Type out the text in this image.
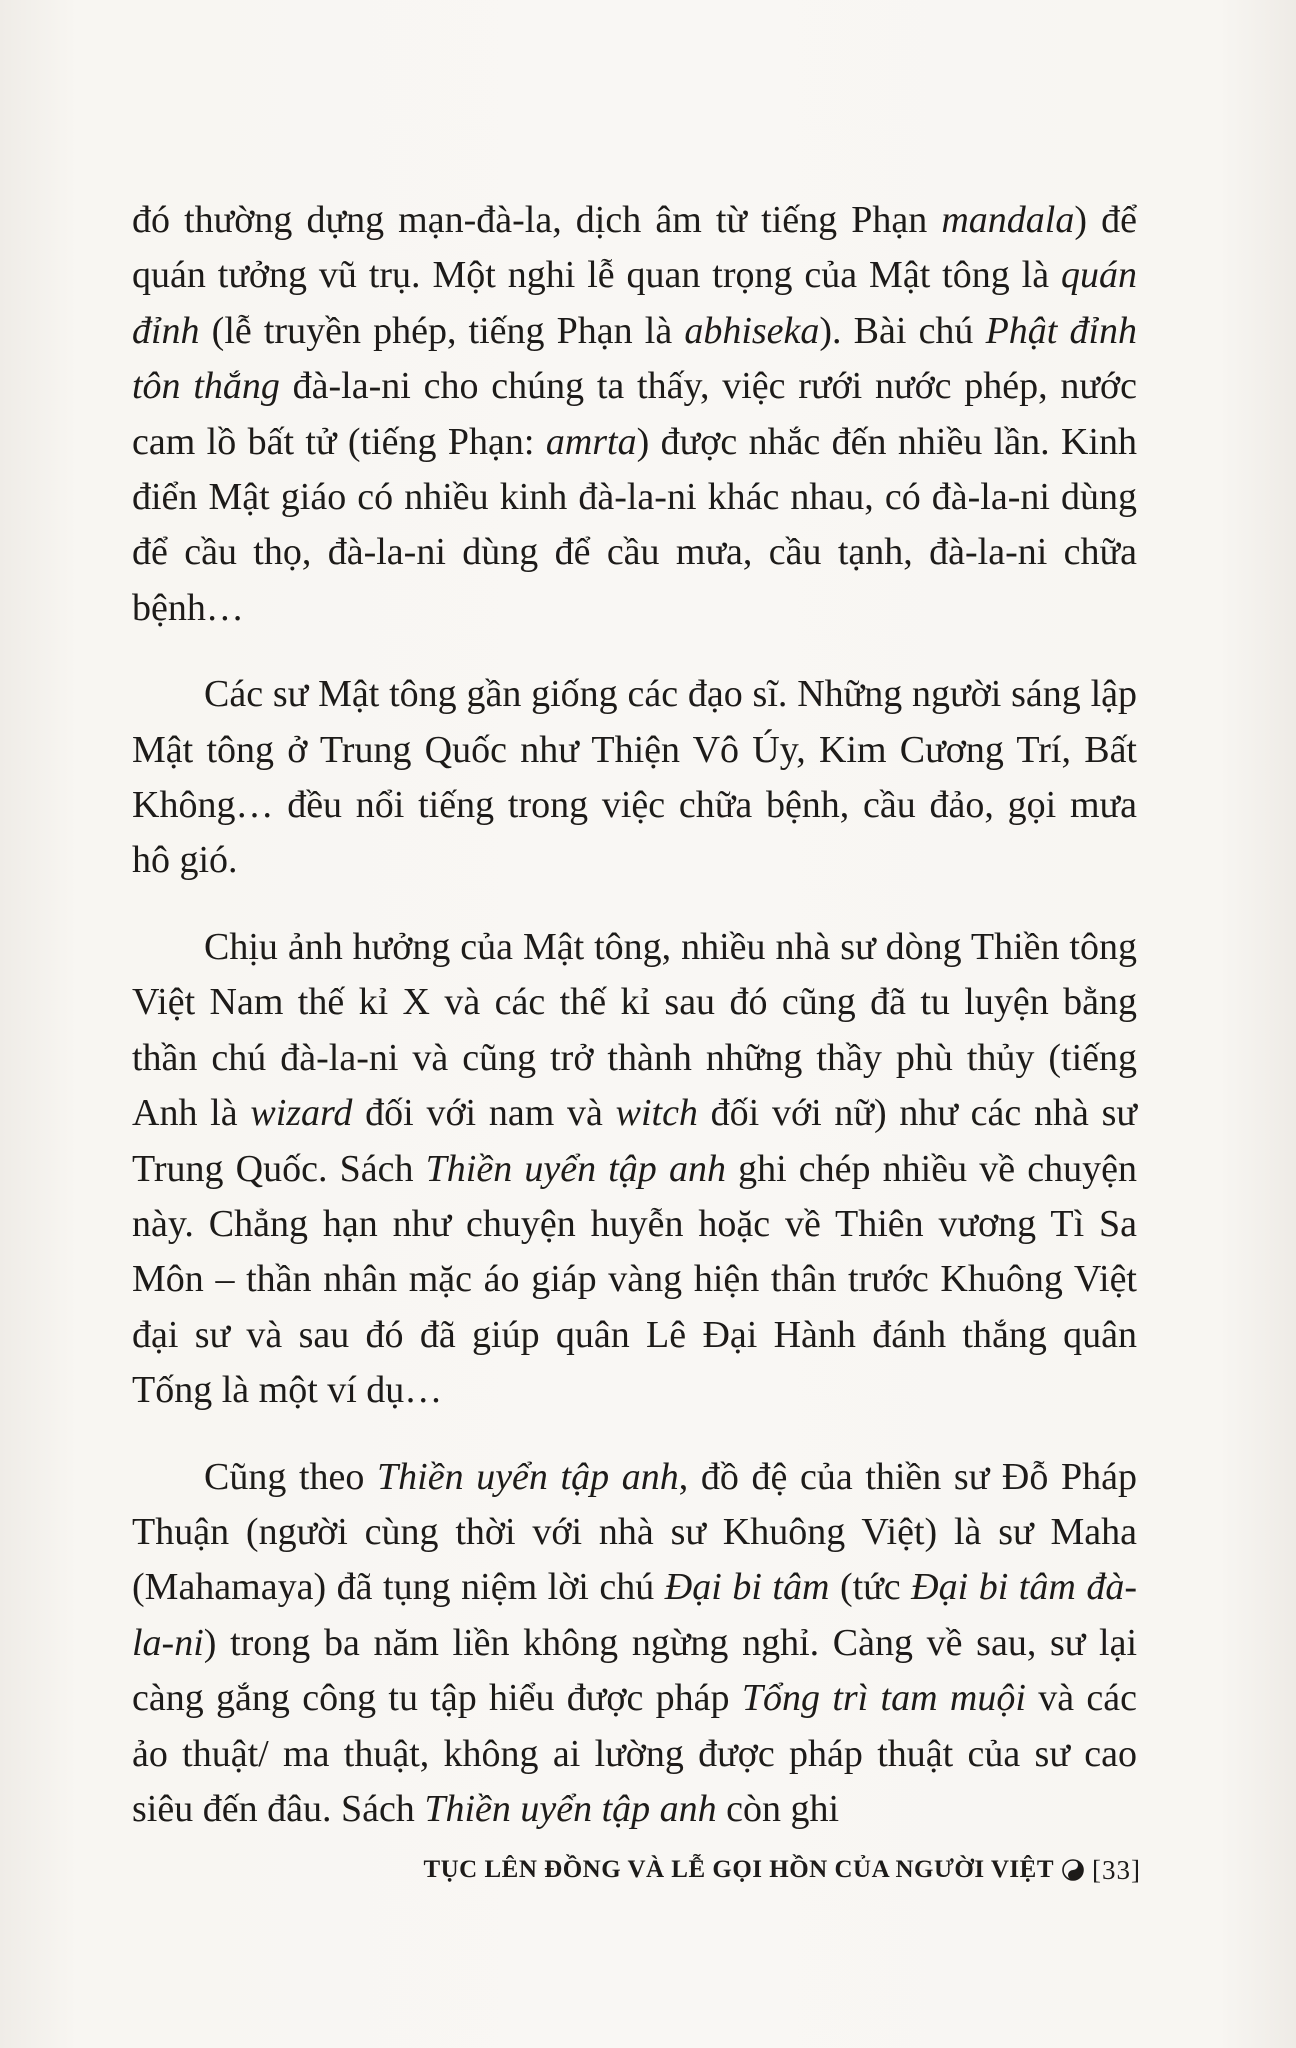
đó thường dựng mạn-đà-la, dịch âm từ tiếng Phạn mandala) để quán tưởng vũ trụ. Một nghi lễ quan trọng của Mật tông là quán đỉnh (lễ truyền phép, tiếng Phạn là abhiseka). Bài chú Phật đỉnh tôn thắng đà-la-ni cho chúng ta thấy, việc rưới nước phép, nước cam lồ bất tử (tiếng Phạn: amrta) được nhắc đến nhiều lần. Kinh điển Mật giáo có nhiều kinh đà-la-ni khác nhau, có đà-la-ni dùng để cầu thọ, đà-la-ni dùng để cầu mưa, cầu tạnh, đà-la-ni chữa bệnh…

Các sư Mật tông gần giống các đạo sĩ. Những người sáng lập Mật tông ở Trung Quốc như Thiện Vô Úy, Kim Cương Trí, Bất Không… đều nổi tiếng trong việc chữa bệnh, cầu đảo, gọi mưa hô gió.

Chịu ảnh hưởng của Mật tông, nhiều nhà sư dòng Thiền tông Việt Nam thế kỉ X và các thế kỉ sau đó cũng đã tu luyện bằng thần chú đà-la-ni và cũng trở thành những thầy phù thủy (tiếng Anh là wizard đối với nam và witch đối với nữ) như các nhà sư Trung Quốc. Sách Thiền uyển tập anh ghi chép nhiều về chuyện này. Chẳng hạn như chuyện huyễn hoặc về Thiên vương Tì Sa Môn – thần nhân mặc áo giáp vàng hiện thân trước Khuông Việt đại sư và sau đó đã giúp quân Lê Đại Hành đánh thắng quân Tống là một ví dụ…

Cũng theo Thiền uyển tập anh, đồ đệ của thiền sư Đỗ Pháp Thuận (người cùng thời với nhà sư Khuông Việt) là sư Maha (Mahamaya) đã tụng niệm lời chú Đại bi tâm (tức Đại bi tâm đà-la-ni) trong ba năm liền không ngừng nghỉ. Càng về sau, sư lại càng gắng công tu tập hiểu được pháp Tổng trì tam muội và các ảo thuật/ ma thuật, không ai lường được pháp thuật của sư cao siêu đến đâu. Sách Thiền uyển tập anh còn ghi

TỤC LÊN ĐỒNG VÀ LỄ GỌI HỒN CỦA NGƯỜI VIỆT [33]
